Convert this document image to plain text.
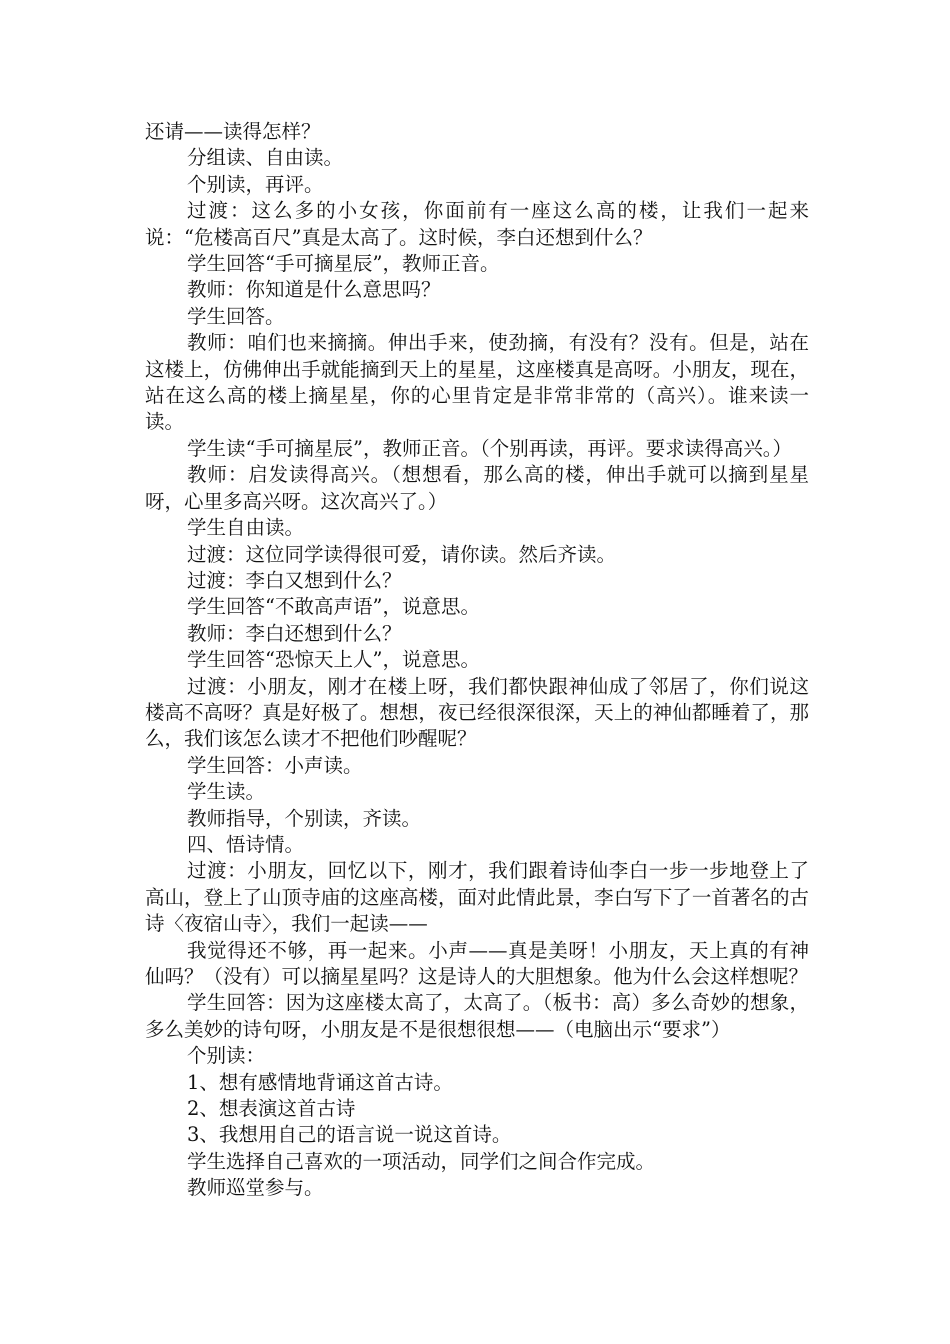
还请——读得怎样？

分组读、自由读。

个别读，再评。

过渡：这么多的小女孩，你面前有一座这么高的楼，让我们一起来说：“危楼高百尺”真是太高了。这时候，李白还想到什么？

学生回答“手可摘星辰”，教师正音。

教师：你知道是什么意思吗？

学生回答。

教师：咱们也来摘摘。伸出手来，使劲摘，有没有？没有。但是，站在这楼上，仿佛伸出手就能摘到天上的星星，这座楼真是高呀。小朋友，现在，站在这么高的楼上摘星星，你的心里肯定是非常非常的（高兴）。谁来读一读。

学生读“手可摘星辰”，教师正音。（个别再读，再评。要求读得高兴。）

教师：启发读得高兴。（想想看，那么高的楼，伸出手就可以摘到星星呀，心里多高兴呀。这次高兴了。）

学生自由读。

过渡：这位同学读得很可爱，请你读。然后齐读。

过渡：李白又想到什么？

学生回答“不敢高声语”，说意思。

教师：李白还想到什么？

学生回答“恐惊天上人”，说意思。

过渡：小朋友，刚才在楼上呀，我们都快跟神仙成了邻居了，你们说这楼高不高呀？真是好极了。想想，夜已经很深很深，天上的神仙都睡着了，那么，我们该怎么读才不把他们吵醒呢？

学生回答：小声读。

学生读。

教师指导，个别读，齐读。

四、悟诗情。

过渡：小朋友，回忆以下，刚才，我们跟着诗仙李白一步一步地登上了高山，登上了山顶寺庙的这座高楼，面对此情此景，李白写下了一首著名的古诗〈夜宿山寺〉，我们一起读——

我觉得还不够，再一起来。小声——真是美呀！小朋友，天上真的有神仙吗？（没有）可以摘星星吗？这是诗人的大胆想象。他为什么会这样想呢？

学生回答：因为这座楼太高了，太高了。（板书：高）多么奇妙的想象，多么美妙的诗句呀，小朋友是不是很想很想——（电脑出示“要求”）

个别读：

1、想有感情地背诵这首古诗。

2、想表演这首古诗

3、我想用自己的语言说一说这首诗。

学生选择自己喜欢的一项活动，同学们之间合作完成。

教师巡堂参与。
